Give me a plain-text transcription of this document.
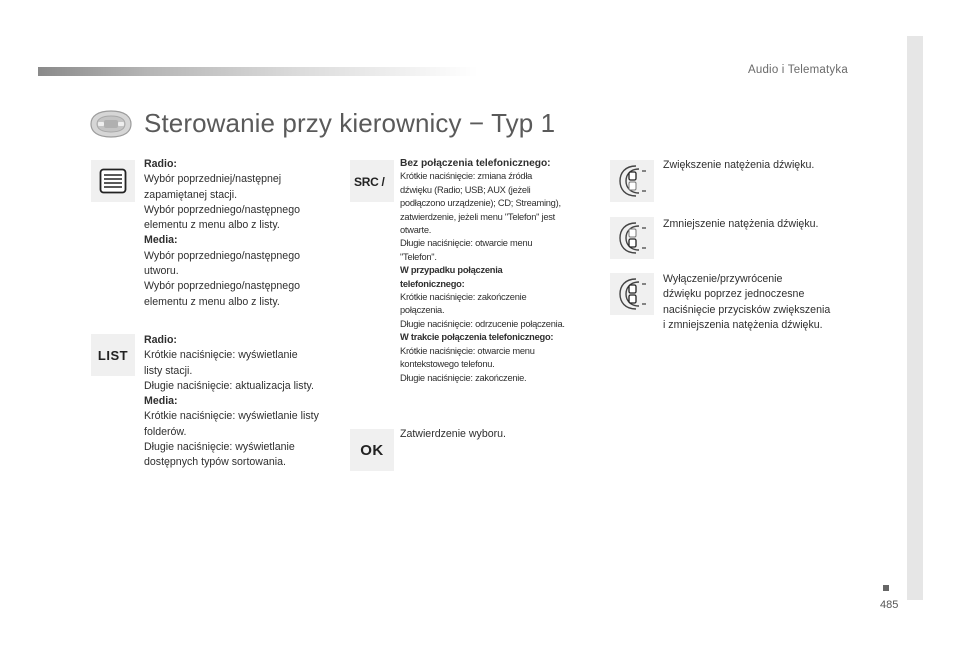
Audio i Telematyka
Sterowanie przy kierownicy − Typ 1
Radio:
Wybór poprzedniej/następnej
zapamiętanej stacji.
Wybór poprzedniego/następnego
elementu z menu albo z listy.
Media:
Wybór poprzedniego/następnego
utworu.
Wybór poprzedniego/następnego
elementu z menu albo z listy.
LIST
Radio:
Krótkie naciśnięcie: wyświetlanie
listy stacji.
Długie naciśnięcie: aktualizacja listy.
Media:
Krótkie naciśnięcie: wyświetlanie listy
folderów.
Długie naciśnięcie: wyświetlanie
dostępnych typów sortowania.
SRC /
Bez połączenia telefonicznego:
Krótkie naciśnięcie: zmiana źródła
dźwięku (Radio; USB; AUX (jeżeli
podłączono urządzenie); CD; Streaming),
zatwierdzenie, jeżeli menu "Telefon" jest
otwarte.
Długie naciśnięcie: otwarcie menu
"Telefon".
W przypadku połączenia
telefonicznego:
Krótkie naciśnięcie: zakończenie
połączenia.
Długie naciśnięcie: odrzucenie połączenia.
W trakcie połączenia telefonicznego:
Krótkie naciśnięcie: otwarcie menu
kontekstowego telefonu.
Długie naciśnięcie: zakończenie.
OK
Zatwierdzenie wyboru.
Zwiększenie natężenia dźwięku.
Zmniejszenie natężenia dźwięku.
Wyłączenie/przywrócenie
dźwięku poprzez jednoczesne
naciśnięcie przycisków zwiększenia
i zmniejszenia natężenia dźwięku.
485
